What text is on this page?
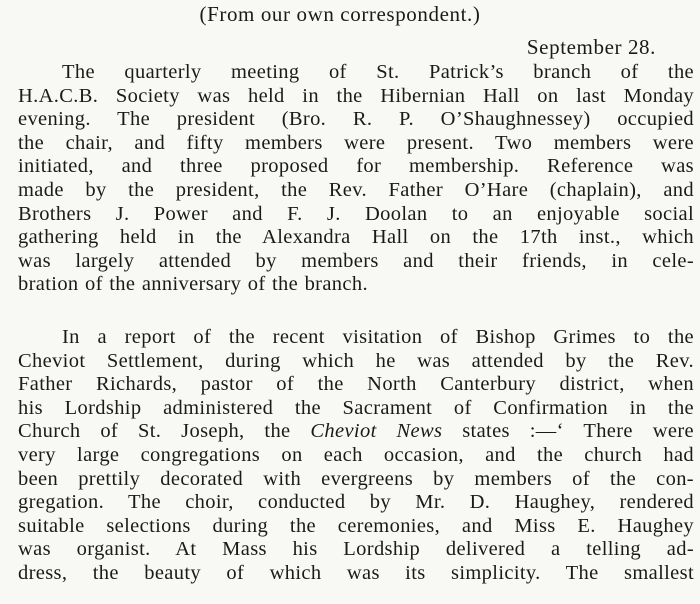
(From our own correspondent.)
September 28.
The quarterly meeting of St. Patrick’s branch of the
H.A.C.B. Society was held in the Hibernian Hall on last Monday
evening. The president (Bro. R. P. O’Shaughnessey) occupied
the chair, and fifty members were present. Two members were
initiated, and three proposed for membership. Reference was
made by the president, the Rev. Father O’Hare (chaplain), and
Brothers J. Power and F. J. Doolan to an enjoyable social
gathering held in the Alexandra Hall on the 17th inst., which
was largely attended by members and their friends, in cele-
bration of the anniversary of the branch.
In a report of the recent visitation of Bishop Grimes to the
Cheviot Settlement, during which he was attended by the Rev.
Father Richards, pastor of the North Canterbury district, when
his Lordship administered the Sacrament of Confirmation in the
Church of St. Joseph, the Cheviot News states :—‘ There were
very large congregations on each occasion, and the church had
been prettily decorated with evergreens by members of the con-
gregation. The choir, conducted by Mr. D. Haughey, rendered
suitable selections during the ceremonies, and Miss E. Haughey
was organist. At Mass his Lordship delivered a telling ad-
dress, the beauty of which was its simplicity. The smallest
